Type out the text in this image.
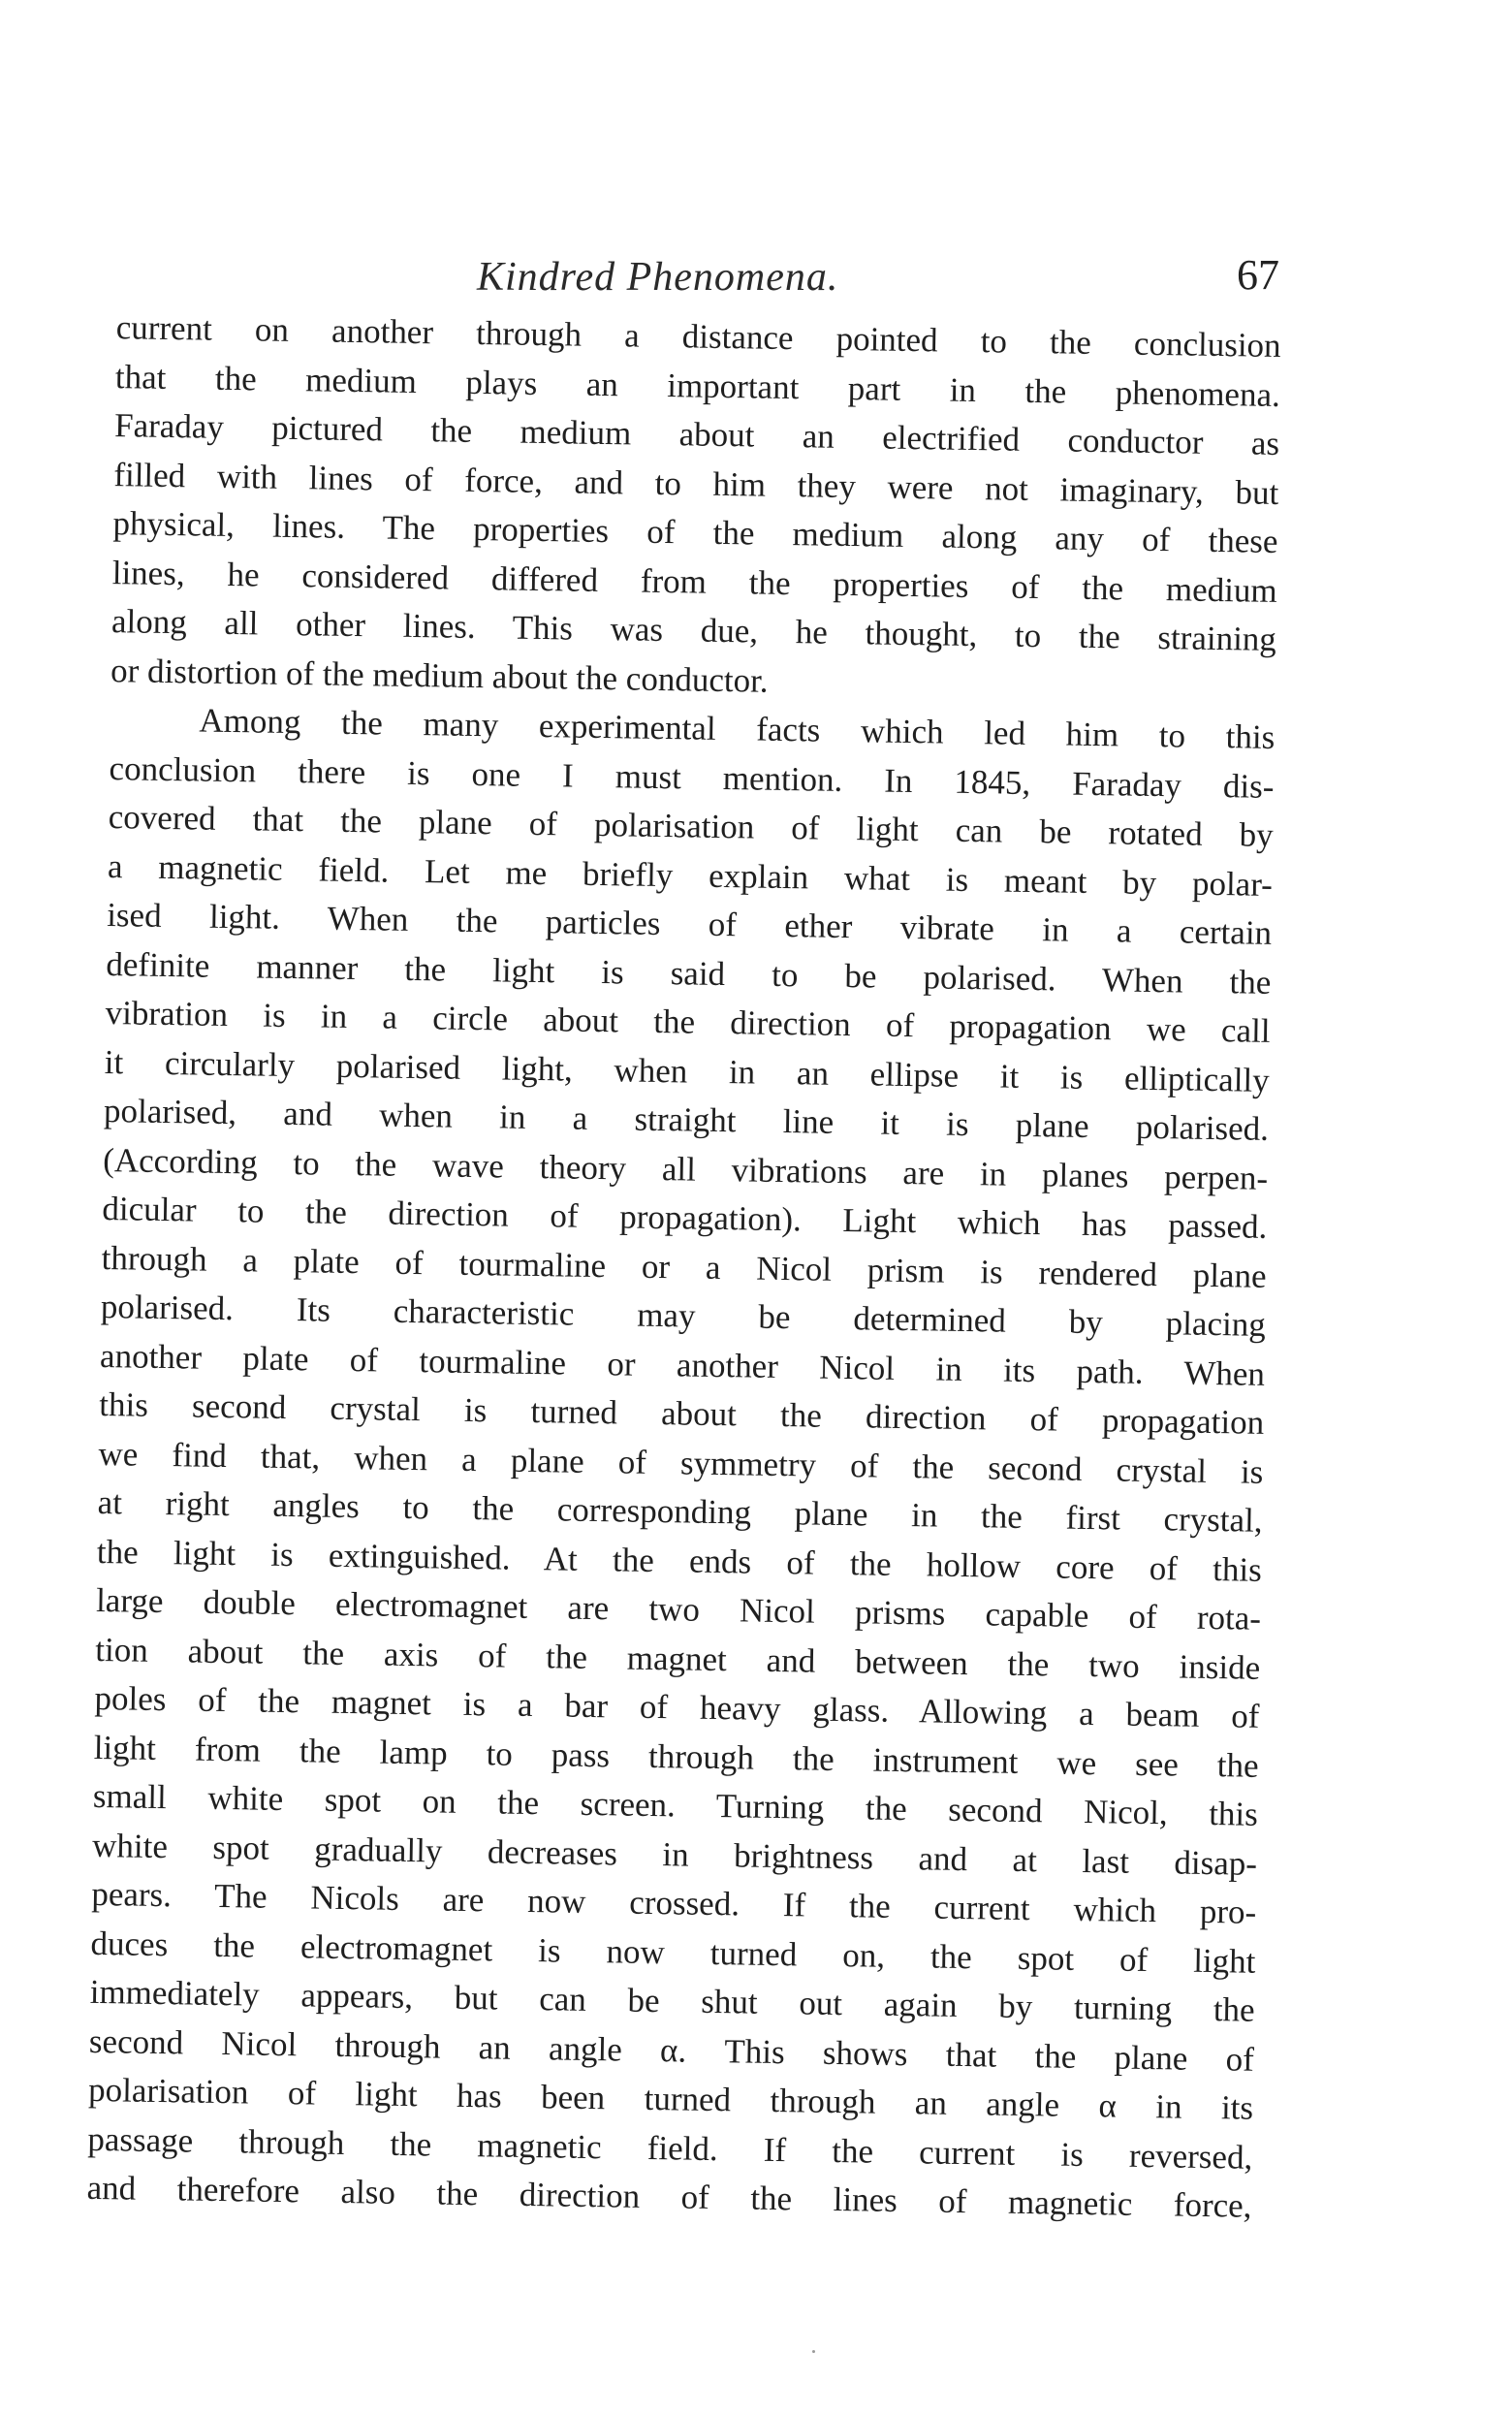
Kindred Phenomena.	67
current on another through a distance pointed to the conclusion
that the medium plays an important part in the phenomena.
Faraday pictured the medium about an electrified conductor as
filled with lines of force, and to him they were not imaginary, but
physical, lines. The properties of the medium along any of these
lines, he considered differed from the properties of the medium
along all other lines. This was due, he thought, to the straining
or distortion of the medium about the conductor.
Among the many experimental facts which led him to this
conclusion there is one I must mention. In 1845, Faraday dis-
covered that the plane of polarisation of light can be rotated by
a magnetic field. Let me briefly explain what is meant by polar-
ised light. When the particles of ether vibrate in a certain
definite manner the light is said to be polarised. When the
vibration is in a circle about the direction of propagation we call
it circularly polarised light, when in an ellipse it is elliptically
polarised, and when in a straight line it is plane polarised.
(According to the wave theory all vibrations are in planes perpen-
dicular to the direction of propagation). Light which has passed.
through a plate of tourmaline or a Nicol prism is rendered plane
polarised. Its characteristic may be determined by placing
another plate of tourmaline or another Nicol in its path. When
this second crystal is turned about the direction of propagation
we find that, when a plane of symmetry of the second crystal is
at right angles to the corresponding plane in the first crystal,
the light is extinguished. At the ends of the hollow core of this
large double electromagnet are two Nicol prisms capable of rota-
tion about the axis of the magnet and between the two inside
poles of the magnet is a bar of heavy glass. Allowing a beam of
light from the lamp to pass through the instrument we see the
small white spot on the screen. Turning the second Nicol, this
white spot gradually decreases in brightness and at last disap-
pears. The Nicols are now crossed. If the current which pro-
duces the electromagnet is now turned on, the spot of light
immediately appears, but can be shut out again by turning the
second Nicol through an angle α. This shows that the plane of
polarisation of light has been turned through an angle α in its
passage through the magnetic field. If the current is reversed,
and therefore also the direction of the lines of magnetic force,
